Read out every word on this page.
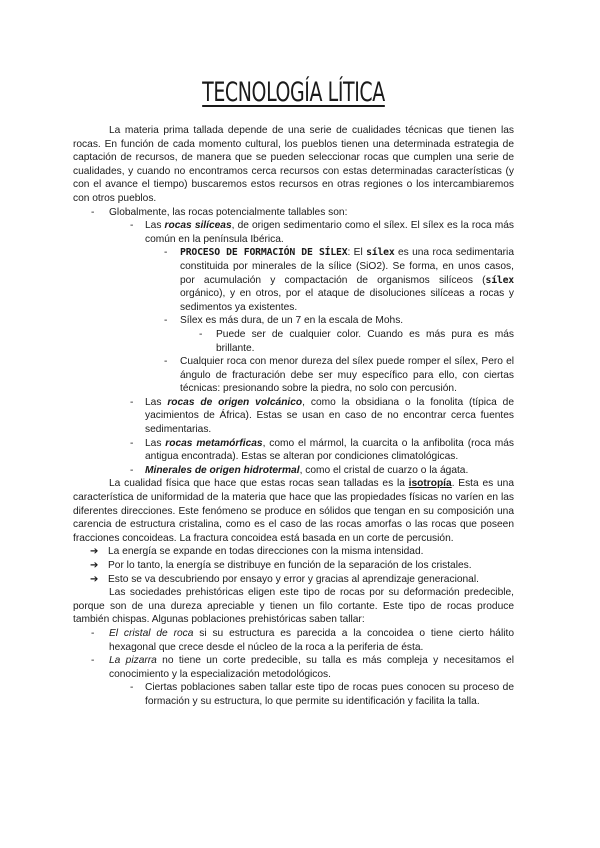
TECNOLOGÍA LÍTICA

La materia prima tallada depende de una serie de cualidades técnicas que tienen las rocas. En función de cada momento cultural, los pueblos tienen una determinada estrategia de captación de recursos, de manera que se pueden seleccionar rocas que cumplen una serie de cualidades, y cuando no encontramos cerca recursos con estas determinadas características (y con el avance el tiempo) buscaremos estos recursos en otras regiones o los intercambiaremos con otros pueblos.

- Globalmente, las rocas potencialmente tallables son:
- Las rocas silíceas, de origen sedimentario como el sílex. El sílex es la roca más común en la península Ibérica.
- PROCESO DE FORMACIÓN DE SÍLEX: El sílex es una roca sedimentaria constituida por minerales de la sílice (SiO2). Se forma, en unos casos, por acumulación y compactación de organismos silíceos (sílex orgánico), y en otros, por el ataque de disoluciones silíceas a rocas y sedimentos ya existentes.
- Sílex es más dura, de un 7 en la escala de Mohs.
- Puede ser de cualquier color. Cuando es más pura es más brillante.
- Cualquier roca con menor dureza del sílex puede romper el sílex, Pero el ángulo de fracturación debe ser muy específico para ello, con ciertas técnicas: presionando sobre la piedra, no solo con percusión.
- Las rocas de origen volcánico, como la obsidiana o la fonolita (típica de yacimientos de África). Estas se usan en caso de no encontrar cerca fuentes sedimentarias.
- Las rocas metamórficas, como el mármol, la cuarcita o la anfibolita (roca más antigua encontrada). Estas se alteran por condiciones climatológicas.
- Minerales de origen hidrotermal, como el cristal de cuarzo o la ágata.

La cualidad física que hace que estas rocas sean talladas es la isotropía. Esta es una característica de uniformidad de la materia que hace que las propiedades físicas no varíen en las diferentes direcciones. Este fenómeno se produce en sólidos que tengan en su composición una carencia de estructura cristalina, como es el caso de las rocas amorfas o las rocas que poseen fracciones concoideas. La fractura concoidea está basada en un corte de percusión.

➔ La energía se expande en todas direcciones con la misma intensidad.
➔ Por lo tanto, la energía se distribuye en función de la separación de los cristales.
➔ Esto se va descubriendo por ensayo y error y gracias al aprendizaje generacional.

Las sociedades prehistóricas eligen este tipo de rocas por su deformación predecible, porque son de una dureza apreciable y tienen un filo cortante. Este tipo de rocas produce también chispas. Algunas poblaciones prehistóricas saben tallar:

- El cristal de roca si su estructura es parecida a la concoidea o tiene cierto hálito hexagonal que crece desde el núcleo de la roca a la periferia de ésta.
- La pizarra no tiene un corte predecible, su talla es más compleja y necesitamos el conocimiento y la especialización metodológicos.
- Ciertas poblaciones saben tallar este tipo de rocas pues conocen su proceso de formación y su estructura, lo que permite su identificación y facilita la talla.
